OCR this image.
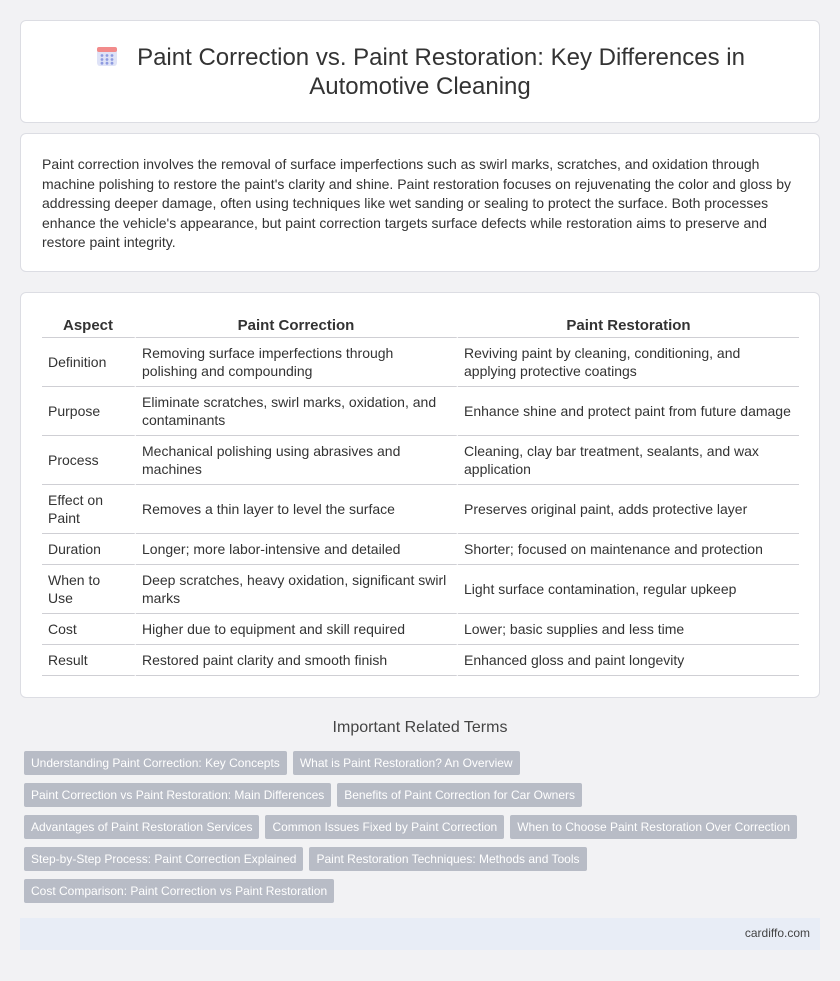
Paint Correction vs. Paint Restoration: Key Differences in
Automotive Cleaning

Paint correction involves the removal of surface imperfections such as swirl marks, scratches, and oxidation through machine polishing to restore the paint's clarity and shine. Paint restoration focuses on rejuvenating the color and gloss by addressing deeper damage, often using techniques like wet sanding or sealing to protect the surface. Both processes enhance the vehicle's appearance, but paint correction targets surface defects while restoration aims to preserve and restore paint integrity.

Aspect	Paint Correction	Paint Restoration
Definition	Removing surface imperfections through polishing and compounding	Reviving paint by cleaning, conditioning, and applying protective coatings
Purpose	Eliminate scratches, swirl marks, oxidation, and contaminants	Enhance shine and protect paint from future damage
Process	Mechanical polishing using abrasives and machines	Cleaning, clay bar treatment, sealants, and wax application
Effect on Paint	Removes a thin layer to level the surface	Preserves original paint, adds protective layer
Duration	Longer; more labor-intensive and detailed	Shorter; focused on maintenance and protection
When to Use	Deep scratches, heavy oxidation, significant swirl marks	Light surface contamination, regular upkeep
Cost	Higher due to equipment and skill required	Lower; basic supplies and less time
Result	Restored paint clarity and smooth finish	Enhanced gloss and paint longevity
Important Related Terms
Understanding Paint Correction: Key Concepts What is Paint Restoration? An Overview
Paint Correction vs Paint Restoration: Main Differences Benefits of Paint Correction for Car Owners
Advantages of Paint Restoration Services Common Issues Fixed by Paint Correction When to Choose Paint Restoration Over Correction
Step-by-Step Process: Paint Correction Explained Paint Restoration Techniques: Methods and Tools
Cost Comparison: Paint Correction vs Paint Restoration
cardiffo.com
